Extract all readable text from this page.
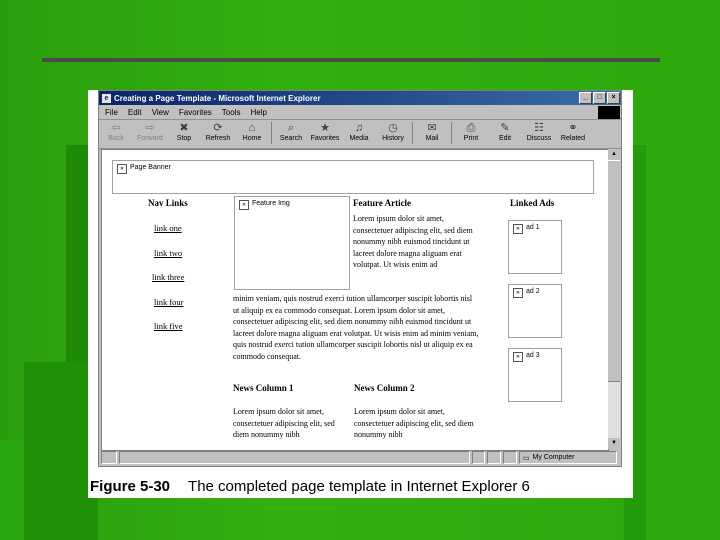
e Creating a Page Template - Microsoft Internet Explorer	_	□	×
File Edit View Favorites Tools Help
⇦
Back
⇨
Forward
✖
Stop
⟳
Refresh
⌂
Home
⌕
Search
★
Favorites
♫
Media
◷
History
✉
Mail
⎙
Print
✎
Edit
☷
Discuss
⚭
Related
✕ Page Banner
Nav Links
link one
link two
link three
link four
link five
✕ Feature Img	Feature Article
Lorem ipsum dolor sit amet, consectetuer adipiscing elit, sed diem nonummy nibh euismod tincidunt ut lacreet dolore magna aliguam erat volutpat. Ut wisis enim ad
minim veniam, quis nostrud exerci tution ullamcorper suscipit lobortis nisl ut aliquip ex ea commodo consequat. Lorem ipsum dolor sit amet, consectetuer adipiscing elit, sed diem nonummy nibh euismod tincidunt ut lacreet dolore magna aliguam erat volutpat. Ut wisis enim ad minim veniam, quis nostrud exerci tution ullamcorper suscipit lobortis nisl ut aliquip ex ea commodo consequat.
Linked Ads
✕ ad 1
✕ ad 2
✕ ad 3
News Column 1
Lorem ipsum dolor sit amet, consectetuer adipiscing elit, sed diem nonummy nibh
News Column 2
Lorem ipsum dolor sit amet, consectetuer adipiscing elit, sed diem nonummy nibh
▲
▼
▭ My Computer
Figure 5-30 The completed page template in Internet Explorer 6
